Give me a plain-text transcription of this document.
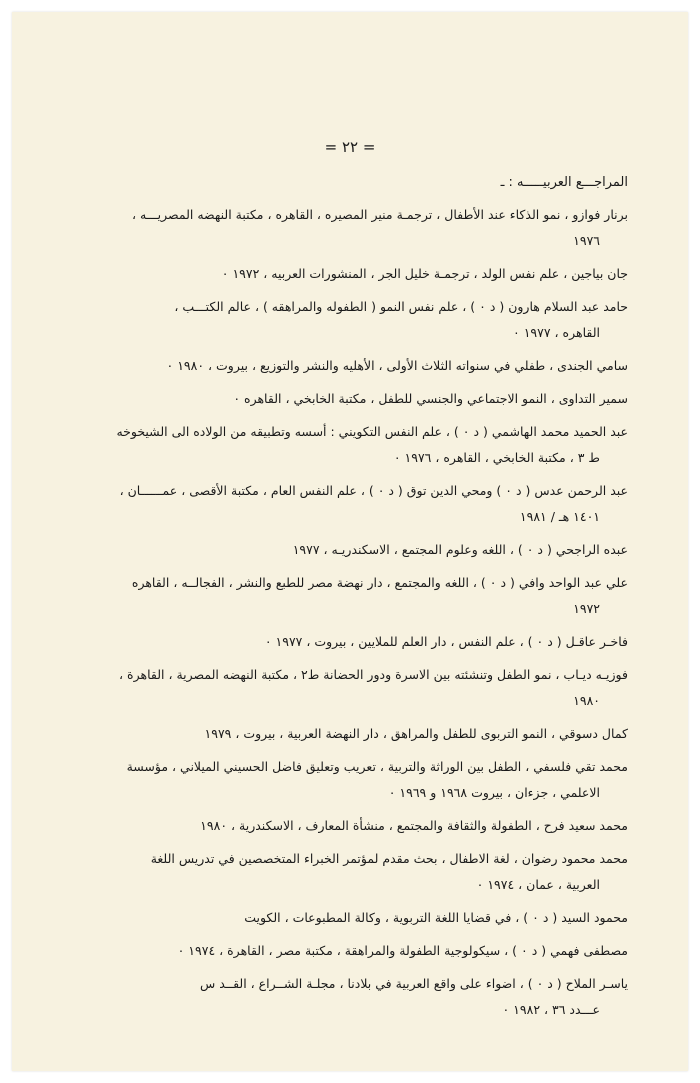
= ٢٢ =
المراجـــع العربيـــــه : ـ
برنار فوازو ، نمو الذكاء عند الأطفال ، ترجمـة منير المصيره ، القاهره ، مكتبة النهضه المصريـــه ،
١٩٧٦
جان بياجين ، علم نفس الولد ، ترجمـة خليل الجر ، المنشورات العربيه ، ١٩٧٢ ٠
حامد عبد السلام هارون ( د ٠ ) ، علم نفس النمو ( الطفوله والمراهقه ) ، عالم الكتـــب ،
القاهره ، ١٩٧٧ ٠
سامي الجندى ، طفلي في سنواته الثلاث الأولى ، الأهليه والنشر والتوزيع ، بيروت ، ١٩٨٠ ٠
سمير التداوى ، النمو الاجتماعي والجنسي للطفل ، مكتبة الخابخي ، القاهره ٠
عبد الحميد محمد الهاشمي ( د ٠ ) ، علم النفس التكويني : أسسه وتطبيقه من الولاده الى الشيخوخه
ط ٣ ، مكتبة الخابخي ، القاهره ، ١٩٧٦ ٠
عبد الرحمن عدس ( د ٠ ) ومحي الدين توق ( د ٠ ) ، علم النفس العام ، مكتبة الأقصى ، عمــــــان ،
١٤٠١ هـ / ١٩٨١
عبده الراجحي ( د ٠ ) ، اللغه وعلوم المجتمع ، الاسكندريـه ، ١٩٧٧
علي عبد الواحد وافي ( د ٠ ) ، اللغه والمجتمع ، دار نهضة مصر للطبع والنشر ، الفجالــه ، القاهره
١٩٧٢
فاخـر عاقـل ( د ٠ ) ، علم النفس ، دار العلم للملايين ، بيروت ، ١٩٧٧ ٠
فوزيـه ديـاب ، نمو الطفل وتنشئته بين الاسرة ودور الحضانة ط٢ ، مكتبة النهضه المصرية ، القاهرة ،
١٩٨٠
كمال دسوقي ، النمو التربوى للطفل والمراهق ، دار النهضة العربية ، بيروت ، ١٩٧٩
محمد تقي فلسفي ، الطفل بين الوراثة والتربية ، تعريب وتعليق فاضل الحسيني الميلاني ، مؤسسة
الاعلمي ، جزءان ، بيروت ١٩٦٨ و ١٩٦٩ ٠
محمد سعيد فرح ، الطفولة والثقافة والمجتمع ، منشأة المعارف ، الاسكندرية ، ١٩٨٠
محمد محمود رضوان ، لغة الاطفال ، بحث مقدم لمؤتمر الخبراء المتخصصين في تدريس اللغة
العربية ، عمان ، ١٩٧٤ ٠
محمود السيد ( د ٠ ) ، في قضايا اللغة التربوية ، وكالة المطبوعات ، الكويت
مصطفى فهمي ( د ٠ ) ، سيكولوجية الطفولة والمراهقة ، مكتبة مصر ، القاهرة ، ١٩٧٤ ٠
ياسـر الملاح ( د ٠ ) ، اضواء على واقع العربية في بلادنا ، مجلـة الشــراع ، القــد س
عـــدد ٣٦ ، ١٩٨٢ ٠
